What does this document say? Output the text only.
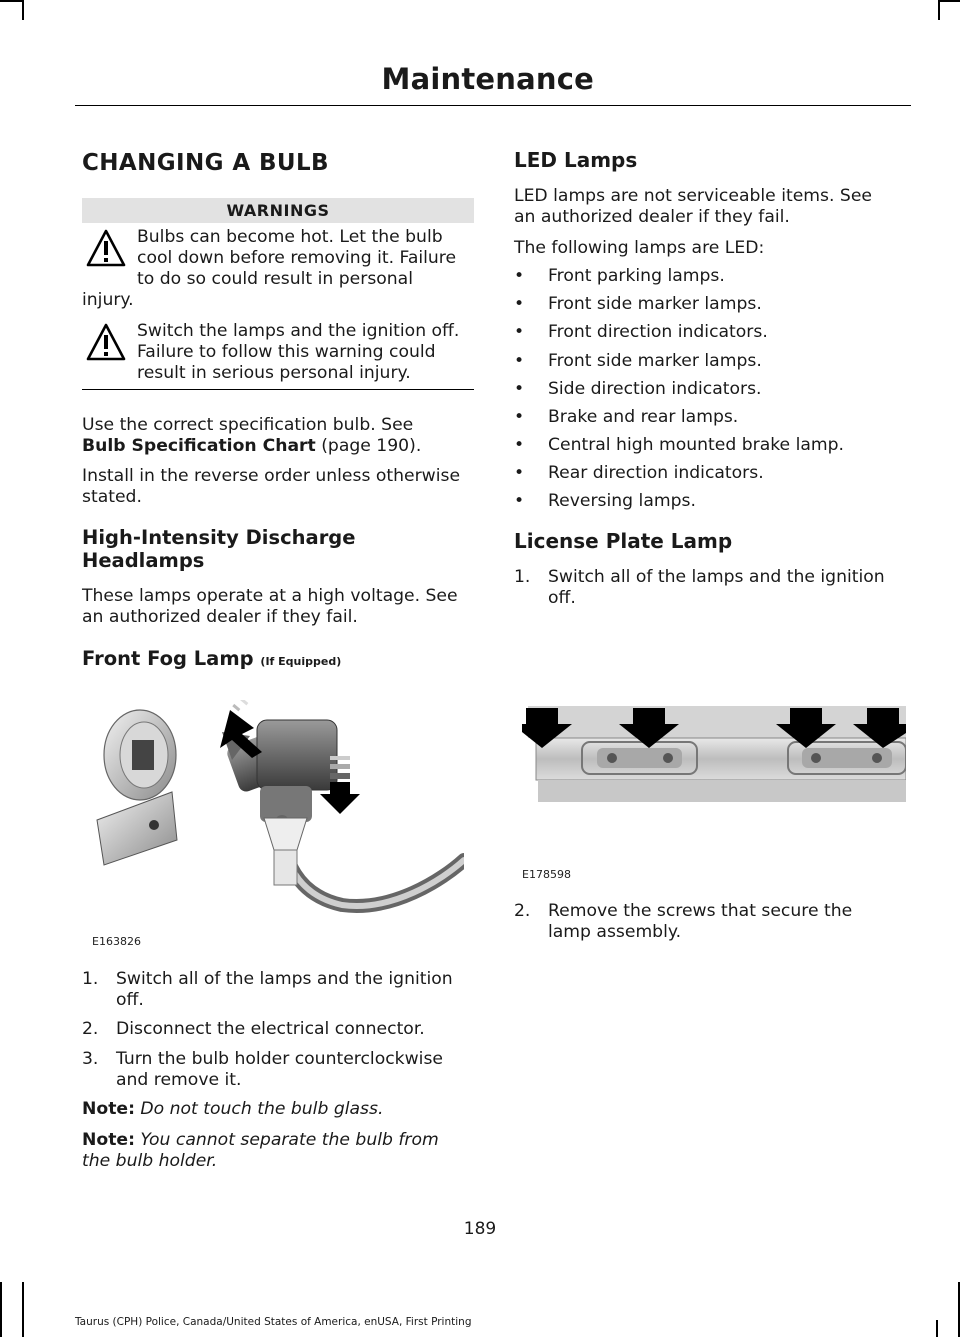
Maintenance
CHANGING A BULB
WARNINGS
Bulbs can become hot. Let the bulb
cool down before removing it. Failure
to do so could result in personal
injury.
Switch the lamps and the ignition off.
Failure to follow this warning could
result in serious personal injury.
Use the correct specification bulb. See
Bulb Specification Chart (page 190).
Install in the reverse order unless otherwise
stated.
High-Intensity Discharge
Headlamps
These lamps operate at a high voltage. See
an authorized dealer if they fail.
Front Fog Lamp (If Equipped)
E163826
1.	Switch all of the lamps and the ignition
off.
2.	Disconnect the electrical connector.
3.	Turn the bulb holder counterclockwise
and remove it.
Note: Do not touch the bulb glass.
Note: You cannot separate the bulb from
the bulb holder.
LED Lamps
LED lamps are not serviceable items. See
an authorized dealer if they fail.
The following lamps are LED:
•	Front parking lamps.
•	Front side marker lamps.
•	Front direction indicators.
•	Front side marker lamps.
•	Side direction indicators.
•	Brake and rear lamps.
•	Central high mounted brake lamp.
•	Rear direction indicators.
•	Reversing lamps.
License Plate Lamp
1.	Switch all of the lamps and the ignition
off.
E178598
2.	Remove the screws that secure the
lamp assembly.
189
Taurus (CPH) Police, Canada/United States of America, enUSA, First Printing
